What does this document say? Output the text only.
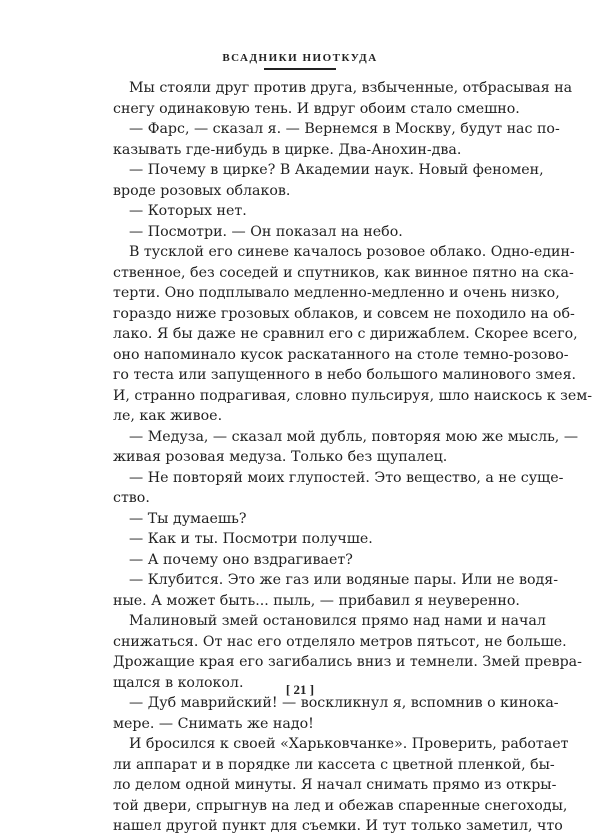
ВСАДНИКИ НИОТКУДА
Мы стояли друг против друга, взбыченные, отбрасывая на
снегу одинаковую тень. И вдруг обоим стало смешно.
— Фарс, — сказал я. — Вернемся в Москву, будут нас по-
казывать где-нибудь в цирке. Два-Анохин-два.
— Почему в цирке? В Академии наук. Новый феномен,
вроде розовых облаков.
— Которых нет.
— Посмотри. — Он показал на небо.
В тусклой его синеве качалось розовое облако. Одно-един-
ственное, без соседей и спутников, как винное пятно на ска-
терти. Оно подплывало медленно-медленно и очень низко,
гораздо ниже грозовых облаков, и совсем не походило на об-
лако. Я бы даже не сравнил его с дирижаблем. Скорее всего,
оно напоминало кусок раскатанного на столе темно-розово-
го теста или запущенного в небо большого малинового змея.
И, странно подрагивая, словно пульсируя, шло наискось к зем-
ле, как живое.
— Медуза, — сказал мой дубль, повторяя мою же мысль, —
живая розовая медуза. Только без щупалец.
— Не повторяй моих глупостей. Это вещество, а не суще-
ство.
— Ты думаешь?
— Как и ты. Посмотри получше.
— А почему оно вздрагивает?
— Клубится. Это же газ или водяные пары. Или не водя-
ные. А может быть... пыль, — прибавил я неуверенно.
Малиновый змей остановился прямо над нами и начал
снижаться. От нас его отделяло метров пятьсот, не больше.
Дрожащие края его загибались вниз и темнели. Змей превра-
щался в колокол.
— Дуб маврийский! — воскликнул я, вспомнив о кинока-
мере. — Снимать же надо!
И бросился к своей «Харьковчанке». Проверить, работает
ли аппарат и в порядке ли кассета с цветной пленкой, бы-
ло делом одной минуты. Я начал снимать прямо из откры-
той двери, спрыгнув на лед и обежав спаренные снегоходы,
нашел другой пункт для съемки. И тут только заметил, что
[ 21 ]
